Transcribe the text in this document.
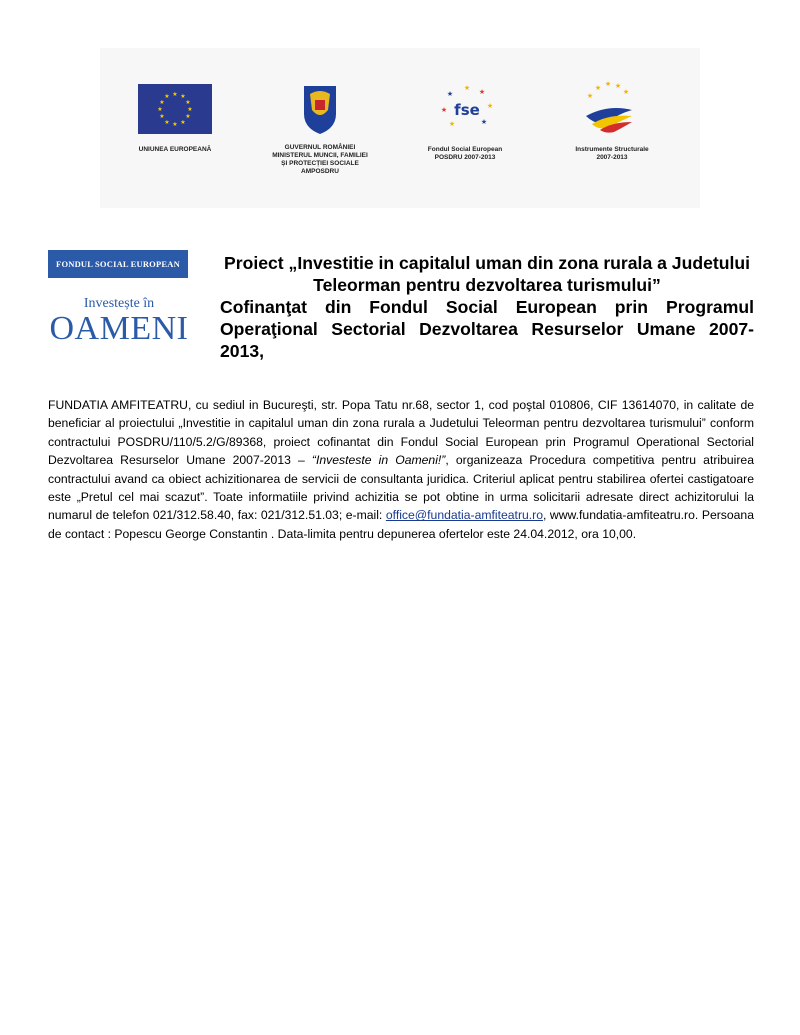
★ ★
★
★
★
★
★
★
★
★
★
★
UNIUNEA EUROPEANĂ	GUVERNUL ROMÂNIEI
MINISTERUL MUNCII, FAMILIEI
ȘI PROTECȚIEI SOCIALE
AMPOSDRU
★ ★
★
★
★
★
★
fse
Fondul Social European
POSDRU 2007-2013
★ ★ ★
★	★
Instrumente Structurale
2007-2013
FONDUL SOCIAL EUROPEAN
Investește în
OAMENI
Proiect „Investitie in capitalul uman din zona rurala a Judetului Teleorman pentru dezvoltarea turismului”
Cofinanţat din Fondul Social European prin Programul Operaţional Sectorial Dezvoltarea Resurselor Umane 2007- 2013,
FUNDATIA AMFITEATRU, cu sediul in Bucureşti, str. Popa Tatu nr.68, sector 1, cod poştal 010806, CIF 13614070, in calitate de beneficiar al proiectului „Investitie in capitalul uman din zona rurala a Judetului Teleorman pentru dezvoltarea turismului” conform contractului POSDRU/110/5.2/G/89368, proiect cofinantat din Fondul Social European prin Programul Operational Sectorial Dezvoltarea Resurselor Umane 2007-2013 – “Investeste in Oameni!”, organizeaza Procedura competitiva pentru atribuirea contractului avand ca obiect achizitionarea de servicii de consultanta juridica. Criteriul aplicat pentru stabilirea ofertei castigatoare este „Pretul cel mai scazut”. Toate informatiile privind achizitia se pot obtine in urma solicitarii adresate direct achizitorului la numarul de telefon 021/312.58.40, fax: 021/312.51.03; e-mail: office@fundatia-amfiteatru.ro, www.fundatia-amfiteatru.ro. Persoana de contact : Popescu George Constantin . Data-limita pentru depunerea ofertelor este 24.04.2012, ora 10,00.
